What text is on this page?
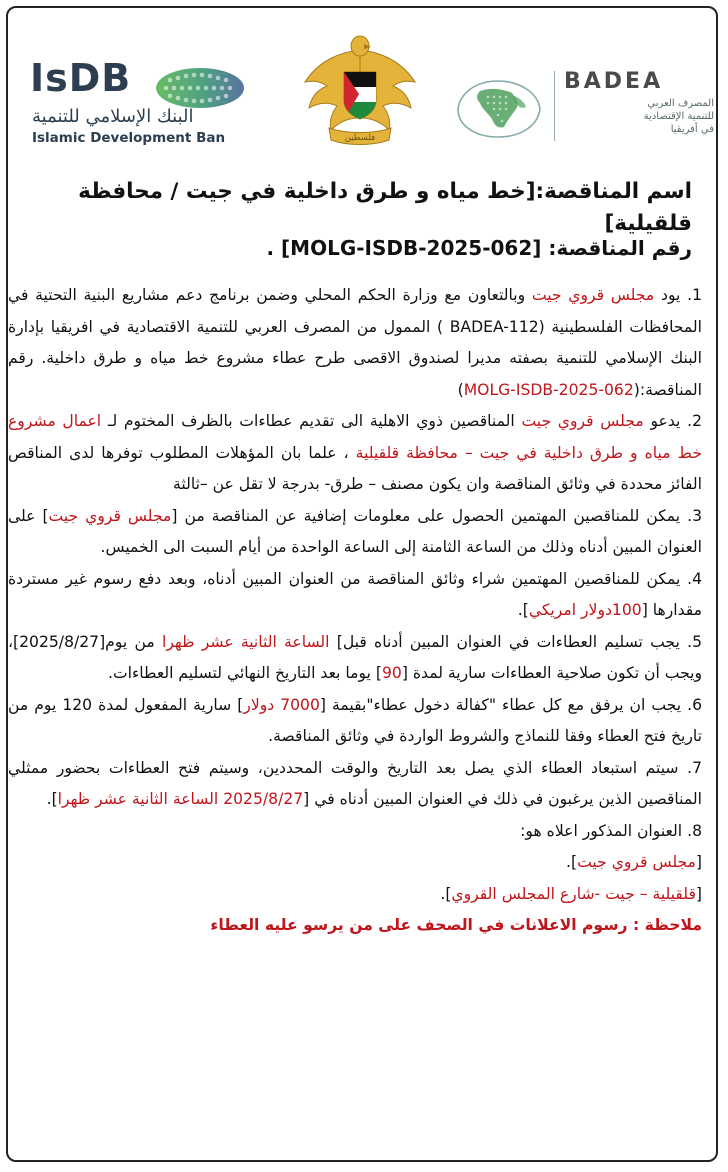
IsDB
البنك الإسلامي للتنمية
Islamic Development Ban	فلسطين
BADEA
المصرف العربي
للتنمية الإقتصادية
في أفريقيا
اسم المناقصة:[خط مياه و طرق داخلية في جيت / محافظة قلقيلية]
رقم المناقصة: [MOLG-ISDB-2025-062] .

1. يود مجلس قروي جيت وبالتعاون مع وزارة الحكم المحلي وضمن برنامج دعم مشاريع البنية التحتية في المحافظات الفلسطينية (BADEA-112 ) الممول من المصرف العربي للتنمية الاقتصادية في افريقيا بإدارة البنك الإسلامي للتنمية بصفته مديرا لصندوق الاقصى طرح عطاء مشروع خط مياه و طرق داخلية. رقم المناقصة:(MOLG-ISDB-2025-062)

2. يدعو مجلس قروي جيت المناقصين ذوي الاهلية الى تقديم عطاءات بالظرف المختوم لـ اعمال مشروع خط مياه و طرق داخلية في جيت – محافظة قلقيلية ، علما بان المؤهلات المطلوب توفرها لدى المناقص الفائز محددة في وثائق المناقصة وان يكون مصنف – طرق- بدرجة لا تقل عن –ثالثة

3. يمكن للمناقصين المهتمين الحصول على معلومات إضافية عن المناقصة من [مجلس قروي جيت] على العنوان المبين أدناه وذلك من الساعة الثامنة إلى الساعة الواحدة من أيام السبت الى الخميس.

4. يمكن للمناقصين المهتمين شراء وثائق المناقصة من العنوان المبين أدناه، وبعد دفع رسوم غير مستردة مقدارها [100دولار امريكي].

5. يجب تسليم العطاءات في العنوان المبين أدناه قبل] الساعة الثانية عشر ظهرا من يوم[2025/8/27]، ويجب أن تكون صلاحية العطاءات سارية لمدة [90] يوما بعد التاريخ النهائي لتسليم العطاءات.

6. يجب ان يرفق مع كل عطاء "كفالة دخول عطاء"بقيمة [7000 دولار] سارية المفعول لمدة 120 يوم من تاريخ فتح العطاء وفقا للنماذج والشروط الواردة في وثائق المناقصة.

7. سيتم استبعاد العطاء الذي يصل بعد التاريخ والوقت المحددين، وسيتم فتح العطاءات بحضور ممثلي المناقصين الذين يرغبون في ذلك في العنوان المبين أدناه في [2025/8/27 الساعة الثانية عشر ظهرا].

8. العنوان المذكور اعلاه هو:

[مجلس قروي جيت].

[قلقيلية – جيت -شارع المجلس القروي].

ملاحظة : رسوم الاعلانات في الصحف على من يرسو عليه العطاء
